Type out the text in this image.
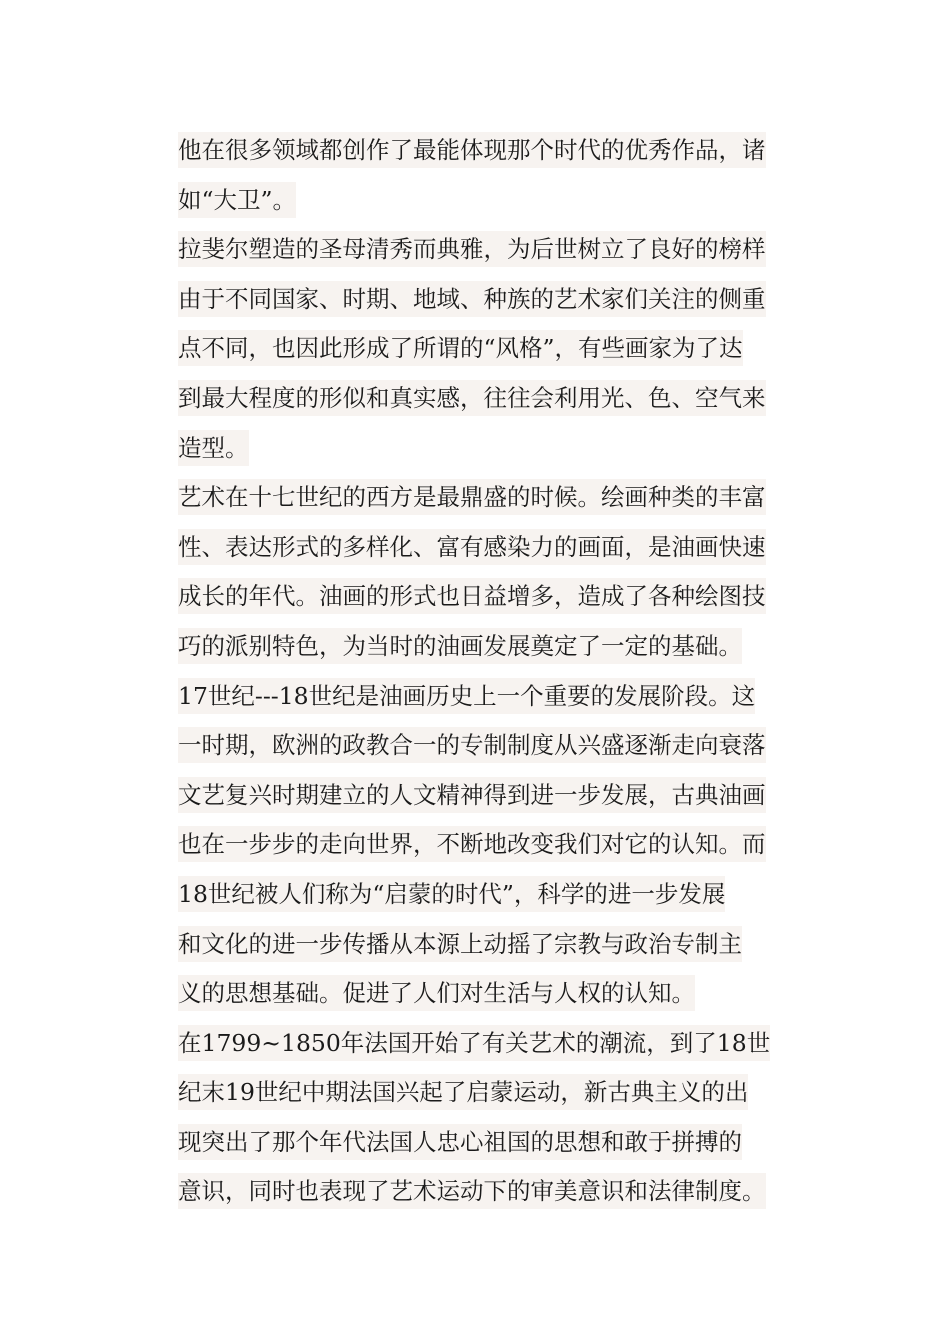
他在很多领域都创作了最能体现那个时代的优秀作品，诸
如“大卫”。
拉斐尔塑造的圣母清秀而典雅，为后世树立了良好的榜样
由于不同国家、时期、地域、种族的艺术家们关注的侧重
点不同，也因此形成了所谓的“风格”，有些画家为了达
到最大程度的形似和真实感，往往会利用光、色、空气来
造型。
艺术在十七世纪的西方是最鼎盛的时候。绘画种类的丰富
性、表达形式的多样化、富有感染力的画面，是油画快速
成长的年代。油画的形式也日益增多，造成了各种绘图技
巧的派别特色，为当时的油画发展奠定了一定的基础。
17世纪---18世纪是油画历史上一个重要的发展阶段。这
一时期，欧洲的政教合一的专制制度从兴盛逐渐走向衰落
文艺复兴时期建立的人文精神得到进一步发展，古典油画
也在一步步的走向世界，不断地改变我们对它的认知。而
18世纪被人们称为“启蒙的时代”，科学的进一步发展
和文化的进一步传播从本源上动摇了宗教与政治专制主
义的思想基础。促进了人们对生活与人权的认知。
在1799~1850年法国开始了有关艺术的潮流，到了18世
纪末19世纪中期法国兴起了启蒙运动，新古典主义的出
现突出了那个年代法国人忠心祖国的思想和敢于拼搏的
意识，同时也表现了艺术运动下的审美意识和法律制度。
